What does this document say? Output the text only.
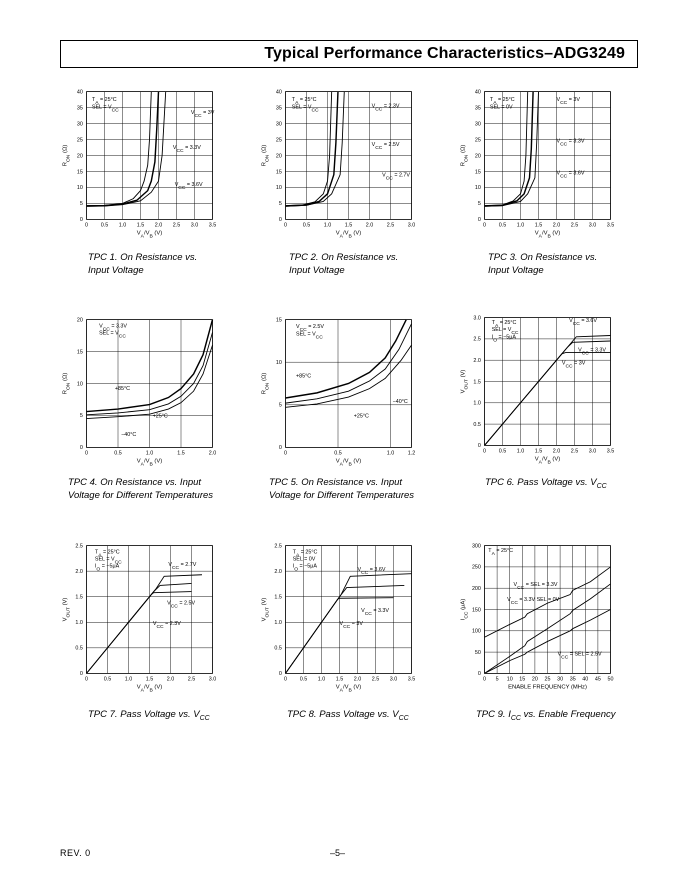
Typical Performance Characteristics–ADG3249
0 0.5 1.0 1.5 2.0 2.5 3.0 3.5
0
5
10
15
20
25
30
35
40
$V_A/V_B$ (V)
$R_{ON}$ (Ω)
$V_{CC} = 3V$
$V_{CC} = 3.3V$
$V_{CC} = 3.6V$
$T_A = 25^\circ C$
SEL = $V_{CC}$
0	0.5 1.0 1.5 2.0 2.5 3.0
0
5
10
15
20
25
30
35
40
$V_A/V_B$ (V)
$R_{ON}$ (Ω)
$V_{CC} = 2.3V$
$V_{CC} = 2.5V$
$V_{CC} = 2.7V$
$T_A = 25^\circ C$
SEL = $V_{CC}$
0 0.5 1.0 1.5 2.0 2.5 3.0 3.5
0
5
10
15
20
25
30
35
40
$V_A/V_B$ (V)
$R_{ON}$ (Ω)
$V_{CC} = 3V$
$V_{CC} = 3.3V$
$V_{CC} = 3.6V$
$T_A = 25^\circ C$
SEL = 0V
0	0.5	1.0	1.5	2.0
0
5
10
15
20
$V_A/V_B$ (V)
$R_{ON}$ (Ω)
+85°C
+25°C
−40°C
$V_{CC} = 3.3V$
SEL = $V_{CC}$
0	0.5	1.0 1.2
0
5
10
15
$V_A/V_B$ (V)
$R_{ON}$ (Ω)	+85°C
+25°C
−40°C
$V_{CC} = 2.5V$
SEL = $V_{CC}$
0 0.5 1.0 1.5 2.0 2.5 3.0 3.5
0
0.5
1.0
1.5
2.0
2.5
3.0
$V_A/V_B$ (V)
$V_{OUT}$ (V)
$V_{CC} = 3V$
$V_{CC} = 3.3V$
$V_{CC} = 3.6V$
$T_A = 25^\circ C$
SEL = $V_{CC}$
$I_O = -5\mu A$
0	0.5 1.0 1.5 2.0 2.5 3.0
0
0.5
1.0
1.5
2.0
2.5
$V_A/V_B$ (V)
$V_{OUT}$ (V)
$V_{CC} = 2.3V$
$V_{CC} = 2.5V$
$V_{CC} = 2.7V$
$T_A = 25^\circ C$
SEL = $V_{CC}$
$I_O = -5\mu A$
0 0.5 1.0 1.5 2.0 2.5 3.0 3.5
0
0.5
1.0
1.5
2.0
2.5
$V_A/V_B$ (V)
$V_{OUT}$ (V)
$V_{CC} = 3V$
$V_{CC} = 3.3V$
$V_{CC} = 3.6V$
$T_A = 25^\circ C$
SEL = 0V
$I_O = -5\mu A$
0 5 10 15 20 25 30 35 40 45 50
0
50
100
150
200
250
300
ENABLE FREQUENCY (MHz)
$I_{CC}$ (μA)
$V_{CC}$ = SEL = 3.3V
$V_{CC} = 3.3V$ SEL = 0V
$V_{CC}$ = SEL = 2.5V
$T_A = 25^\circ C$
REV. 0	–5–
TPC 1. On Resistance vs.
Input Voltage
TPC 2. On Resistance vs.
Input Voltage
TPC 3. On Resistance vs.
Input Voltage
TPC 4. On Resistance vs. Input
Voltage for Different Temperatures
TPC 5. On Resistance vs. Input
Voltage for Different Temperatures
TPC 6. Pass Voltage vs. $V_{CC}$
TPC 7. Pass Voltage vs. $V_{CC}$	TPC 8. Pass Voltage vs. $V_{CC}$	TPC 9. $I_{CC}$ vs. Enable Frequency
